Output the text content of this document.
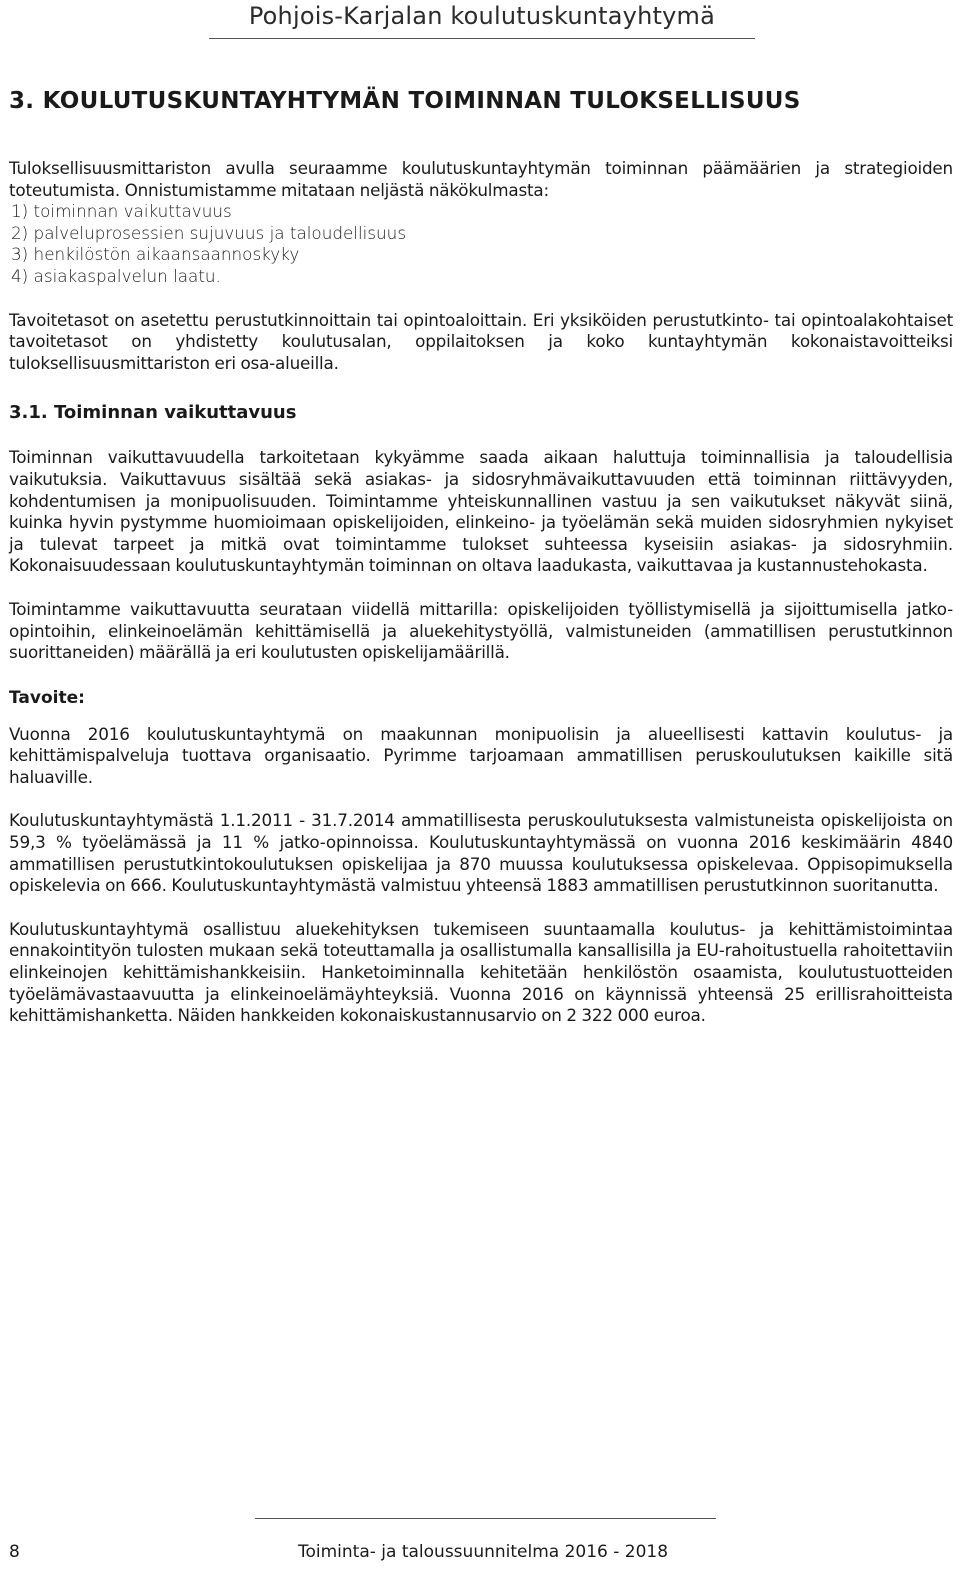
Pohjois-Karjalan koulutuskuntayhtymä
3. KOULUTUSKUNTAYHTYMÄN TOIMINNAN TULOKSELLISUUS

Tuloksellisuusmittariston avulla seuraamme koulutuskuntayhtymän toiminnan päämäärien ja strategioiden toteutumista. Onnistumistamme mitataan neljästä näkökulmasta:

1) toiminnan vaikuttavuus
2) palveluprosessien sujuvuus ja taloudellisuus
3) henkilöstön aikaansaannoskyky
4) asiakaspalvelun laatu.

Tavoitetasot on asetettu perustutkinnoittain tai opintoaloittain. Eri yksiköiden perustutkinto- tai opintoalakohtaiset tavoitetasot on yhdistetty koulutusalan, oppilaitoksen ja koko kuntayhtymän kokonaistavoitteiksi tuloksellisuusmittariston eri osa-alueilla.

3.1. Toiminnan vaikuttavuus

Toiminnan vaikuttavuudella tarkoitetaan kykyämme saada aikaan haluttuja toiminnallisia ja taloudellisia vaikutuksia. Vaikuttavuus sisältää sekä asiakas- ja sidosryhmävaikuttavuuden että toiminnan riittävyyden, kohdentumisen ja monipuolisuuden. Toimintamme yhteiskunnallinen vastuu ja sen vaikutukset näkyvät siinä, kuinka hyvin pystymme huomioimaan opiskelijoiden, elinkeino- ja työelämän sekä muiden sidosryhmien nykyiset ja tulevat tarpeet ja mitkä ovat toimintamme tulokset suhteessa kyseisiin asiakas- ja sidosryhmiin. Kokonaisuudessaan koulutuskuntayhtymän toiminnan on oltava laadukasta, vaikuttavaa ja kustannustehokasta.

Toimintamme vaikuttavuutta seurataan viidellä mittarilla: opiskelijoiden työllistymisellä ja sijoittumisella jatko-opintoihin, elinkeinoelämän kehittämisellä ja aluekehitystyöllä, valmistuneiden (ammatillisen perustutkinnon suorittaneiden) määrällä ja eri koulutusten opiskelijamäärillä.

Tavoite:

Vuonna 2016 koulutuskuntayhtymä on maakunnan monipuolisin ja alueellisesti kattavin koulutus- ja kehittämispalveluja tuottava organisaatio. Pyrimme tarjoamaan ammatillisen peruskoulutuksen kaikille sitä haluaville.

Koulutuskuntayhtymästä 1.1.2011 - 31.7.2014 ammatillisesta peruskoulutuksesta valmistuneista opiskelijoista on 59,3 % työelämässä ja 11 % jatko-opinnoissa. Koulutuskuntayhtymässä on vuonna 2016 keskimäärin 4840 ammatillisen perustutkintokoulutuksen opiskelijaa ja 870 muussa koulutuksessa opiskelevaa. Oppisopimuksella opiskelevia on 666. Koulutuskuntayhtymästä valmistuu yhteensä 1883 ammatillisen perustutkinnon suoritanutta.

Koulutuskuntayhtymä osallistuu aluekehityksen tukemiseen suuntaamalla koulutus- ja kehittämistoimintaa ennakointityön tulosten mukaan sekä toteuttamalla ja osallistumalla kansallisilla ja EU-rahoitustuella rahoitettaviin elinkeinojen kehittämishankkeisiin. Hanketoiminnalla kehitetään henkilöstön osaamista, koulutustuotteiden työelämävastaavuutta ja elinkeinoelämäyhteyksiä. Vuonna 2016 on käynnissä yhteensä 25 erillisrahoitteista kehittämishanketta. Näiden hankkeiden kokonaiskustannusarvio on 2 322 000 euroa.

8	Toiminta- ja taloussuunnitelma 2016 - 2018
